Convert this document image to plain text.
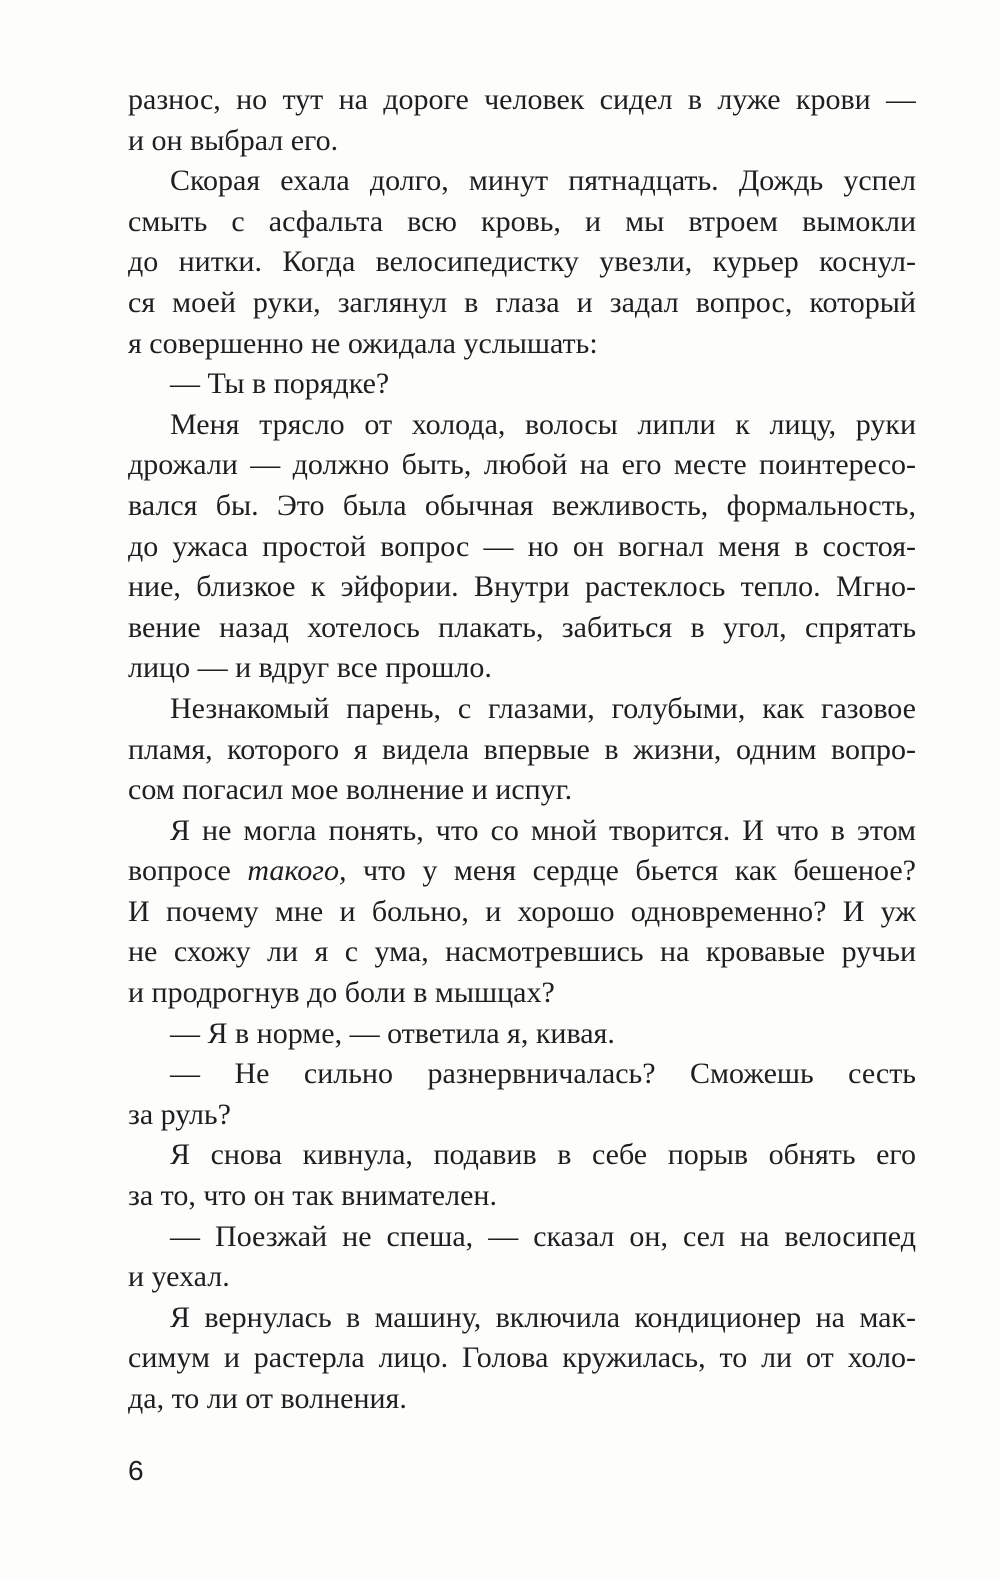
разнос, но тут на дороге человек сидел в луже крови —
и он выбрал его.
Скорая ехала долго, минут пятнадцать. Дождь успел
смыть с асфальта всю кровь, и мы втроем вымокли
до нитки. Когда велосипедистку увезли, курьер коснул-
ся моей руки, заглянул в глаза и задал вопрос, который
я совершенно не ожидала услышать:
— Ты в порядке?
Меня трясло от холода, волосы липли к лицу, руки
дрожали — должно быть, любой на его месте поинтересо-
вался бы. Это была обычная вежливость, формальность,
до ужаса простой вопрос — но он вогнал меня в состоя-
ние, близкое к эйфории. Внутри растеклось тепло. Мгно-
вение назад хотелось плакать, забиться в угол, спрятать
лицо — и вдруг все прошло.
Незнакомый парень, с глазами, голубыми, как газовое
пламя, которого я видела впервые в жизни, одним вопро-
сом погасил мое волнение и испуг.
Я не могла понять, что со мной творится. И что в этом
вопросе такого, что у меня сердце бьется как бешеное?
И почему мне и больно, и хорошо одновременно? И уж
не схожу ли я с ума, насмотревшись на кровавые ручьи
и продрогнув до боли в мышцах?
— Я в норме, — ответила я, кивая.
— Не сильно разнервничалась? Сможешь сесть
за руль?
Я снова кивнула, подавив в себе порыв обнять его
за то, что он так внимателен.
— Поезжай не спеша, — сказал он, сел на велосипед
и уехал.
Я вернулась в машину, включила кондиционер на мак-
симум и растерла лицо. Голова кружилась, то ли от холо-
да, то ли от волнения.
6
